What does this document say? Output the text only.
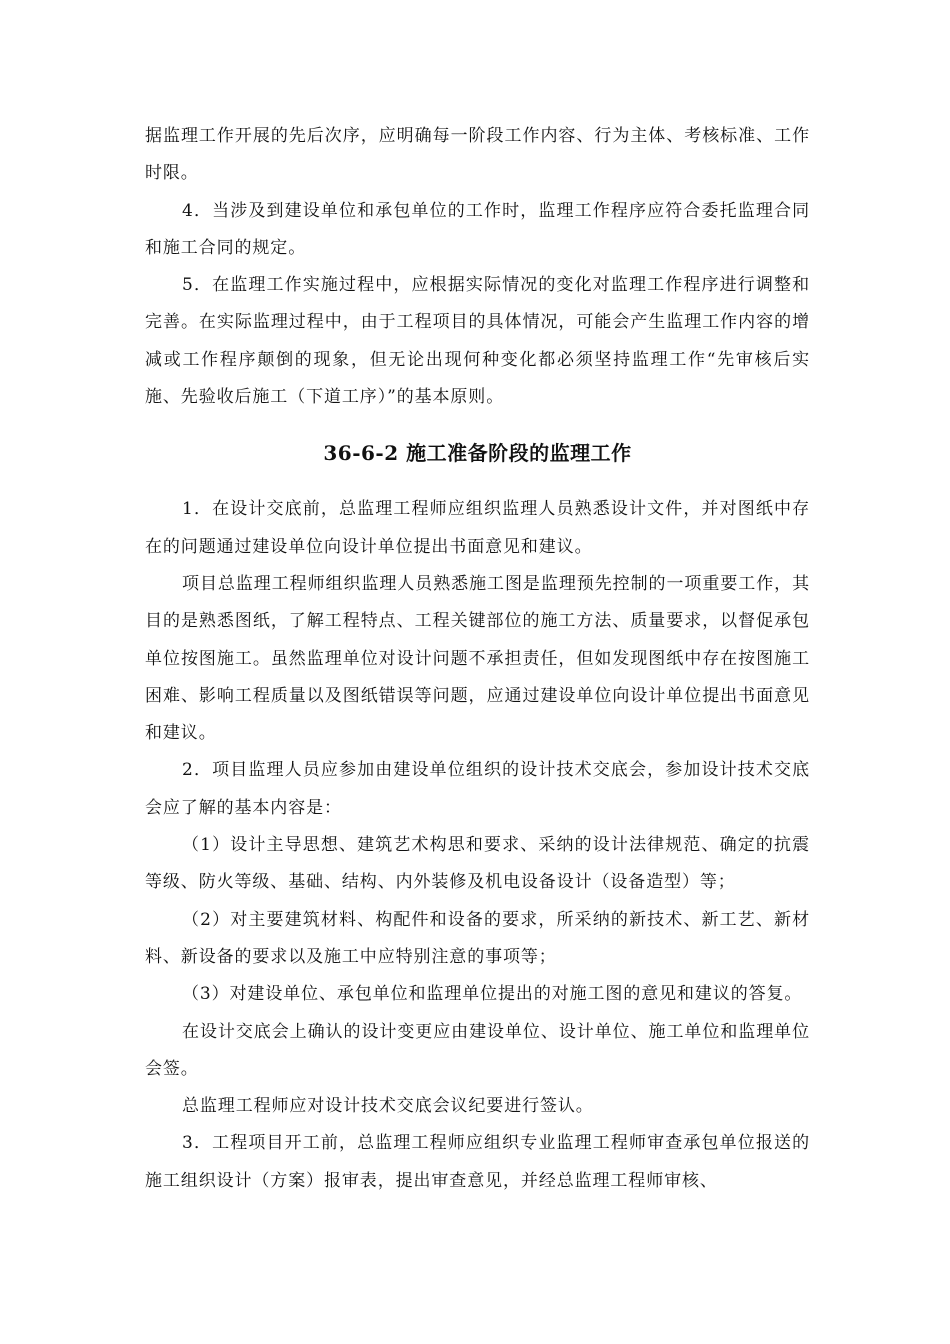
据监理工作开展的先后次序，应明确每一阶段工作内容、行为主体、考核标准、工作时限。

4．当涉及到建设单位和承包单位的工作时，监理工作程序应符合委托监理合同和施工合同的规定。

5．在监理工作实施过程中，应根据实际情况的变化对监理工作程序进行调整和完善。在实际监理过程中，由于工程项目的具体情况，可能会产生监理工作内容的增减或工作程序颠倒的现象，但无论出现何种变化都必须坚持监理工作“先审核后实施、先验收后施工（下道工序）”的基本原则。

36-6-2 施工准备阶段的监理工作

1．在设计交底前，总监理工程师应组织监理人员熟悉设计文件，并对图纸中存在的问题通过建设单位向设计单位提出书面意见和建议。

项目总监理工程师组织监理人员熟悉施工图是监理预先控制的一项重要工作，其目的是熟悉图纸，了解工程特点、工程关键部位的施工方法、质量要求，以督促承包单位按图施工。虽然监理单位对设计问题不承担责任，但如发现图纸中存在按图施工困难、影响工程质量以及图纸错误等问题，应通过建设单位向设计单位提出书面意见和建议。

2．项目监理人员应参加由建设单位组织的设计技术交底会，参加设计技术交底会应了解的基本内容是：

（1）设计主导思想、建筑艺术构思和要求、采纳的设计法律规范、确定的抗震等级、防火等级、基础、结构、内外装修及机电设备设计（设备造型）等；

（2）对主要建筑材料、构配件和设备的要求，所采纳的新技术、新工艺、新材料、新设备的要求以及施工中应特别注意的事项等；

（3）对建设单位、承包单位和监理单位提出的对施工图的意见和建议的答复。

在设计交底会上确认的设计变更应由建设单位、设计单位、施工单位和监理单位会签。

总监理工程师应对设计技术交底会议纪要进行签认。

3．工程项目开工前，总监理工程师应组织专业监理工程师审查承包单位报送的施工组织设计（方案）报审表，提出审查意见，并经总监理工程师审核、
